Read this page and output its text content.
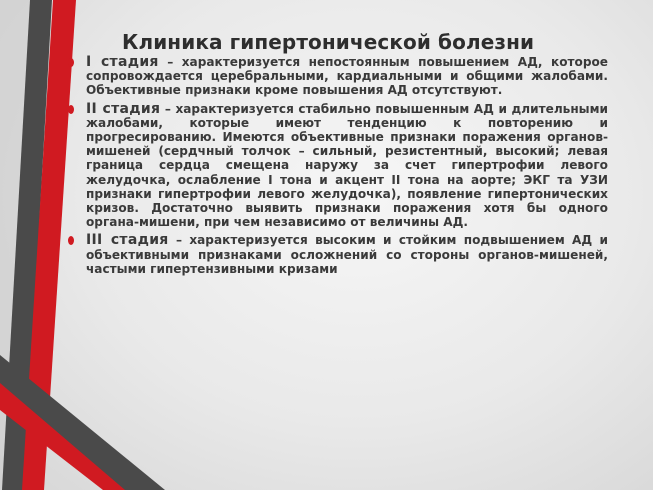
Клиника гипертонической болезни

I стадия – характеризуется непостоянным повышением АД, которое сопровождается церебральными, кардиальными и общими жалобами. Объективные признаки кроме повышения АД отсутствуют.

II стадия – характеризуется стабильно повышенным АД и длительными жалобами, которые имеют тенденцию к повторению и прогресированию. Имеются объективные признаки поражения органов-мишеней (сердчный толчок – сильный, резистентный, высокий; левая граница сердца смещена наружу за счет гипертрофии левого желудочка, ослабление I тона и акцент II тона на аорте; ЭКГ та УЗИ признаки гипертрофии левого желудочка), появление гипертонических кризов. Достаточно выявить признаки поражения хотя бы одного органа-мишени, при чем независимо от величины АД.

III стадия – характеризуется высоким и стойким подвышением АД и объективными признаками осложнений со стороны органов-мишеней, частыми гипертензивными кризами
